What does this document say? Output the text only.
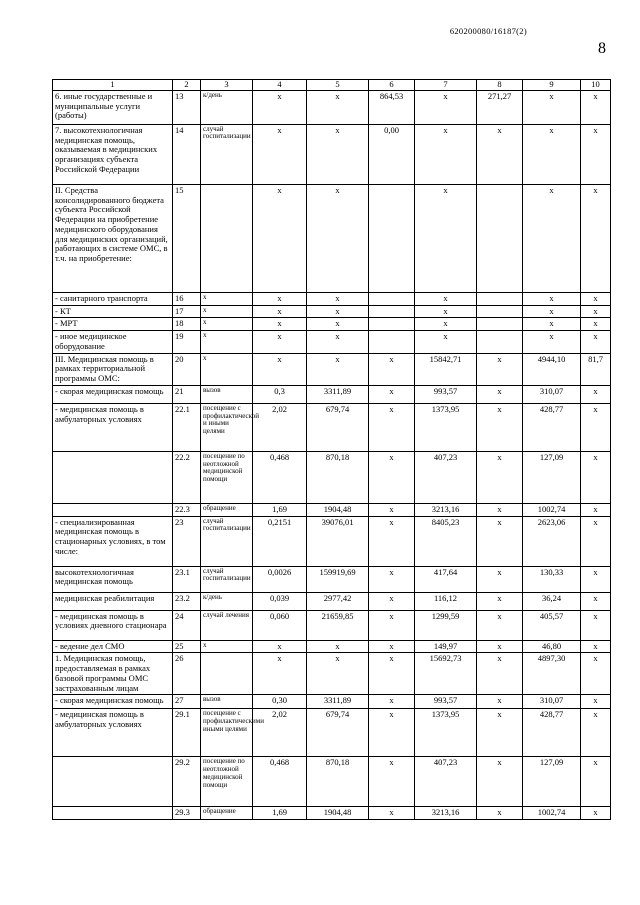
620200080/16187(2)
8
1	2	3	4	5	6	7	8	9	10
6. иные государственные и муниципальные услуги (работы)	13	к/день	x	x	864,53	x	271,27	x	x
7. высокотехнологичная медицинская помощь, оказываемая в медицинских организациях субъекта Российской Федерации	14	случай госпитализации	x	x	0,00	x	x	x	x
II. Средства консолидированного бюджета субъекта Российской Федерации на приобретение медицинского оборудования для медицинских организаций, работающих в системе ОМС, в т.ч. на приобретение:	15		x	x		x		x	x
- санитарного транспорта	16	x	x	x		x		x	x
- КТ	17	x	x	x		x		x	x
- МРТ	18	x	x	x		x		x	x
- иное медицинское оборудование	19	x	x	x		x		x	x
III. Медицинская помощь в рамках территориальной программы ОМС:	20	x	x	x	x	15842,71	x	4944,10	81,7
- скорая медицинская помощь	21	вызов	0,3	3311,89	x	993,57	x	310,07	x
- медицинская помощь в амбулаторных условиях	22.1	посещение с профилактической и иными целями	2,02	679,74	x	1373,95	x	428,77	x
	22.2	посещение по неотложной медицинской помощи	0,468	870,18	x	407,23	x	127,09	x
	22.3	обращение	1,69	1904,48	x	3213,16	x	1002,74	x
- специализированная медицинская помощь в стационарных условиях, в том числе:	23	случай госпитализации	0,2151	39076,01	x	8405,23	x	2623,06	x
высокотехнологичная медицинская помощь	23.1	случай госпитализации	0,0026	159919,69	x	417,64	x	130,33	x
медицинская реабилитация	23.2	к/день	0,039	2977,42	x	116,12	x	36,24	x
- медицинская помощь в условиях дневного стационара	24	случай лечения	0,060	21659,85	x	1299,59	x	405,57	x
- ведение дел СМО	25	x	x	x	x	149,97	x	46,80	x
1. Медицинская помощь, предоставляемая в рамках базовой программы ОМС застрахованным лицам	26		x	x	x	15692,73	x	4897,30	x
- скорая медицинская помощь	27	вызов	0,30	3311,89	x	993,57	x	310,07	x
- медицинская помощь в амбулаторных условиях	29.1	посещение с профилактическими иными целями	2,02	679,74	x	1373,95	x	428,77	x
	29.2	посещение по неотложной медицинской помощи	0,468	870,18	x	407,23	x	127,09	x
	29.3	обращение	1,69	1904,48	x	3213,16	x	1002,74	x
